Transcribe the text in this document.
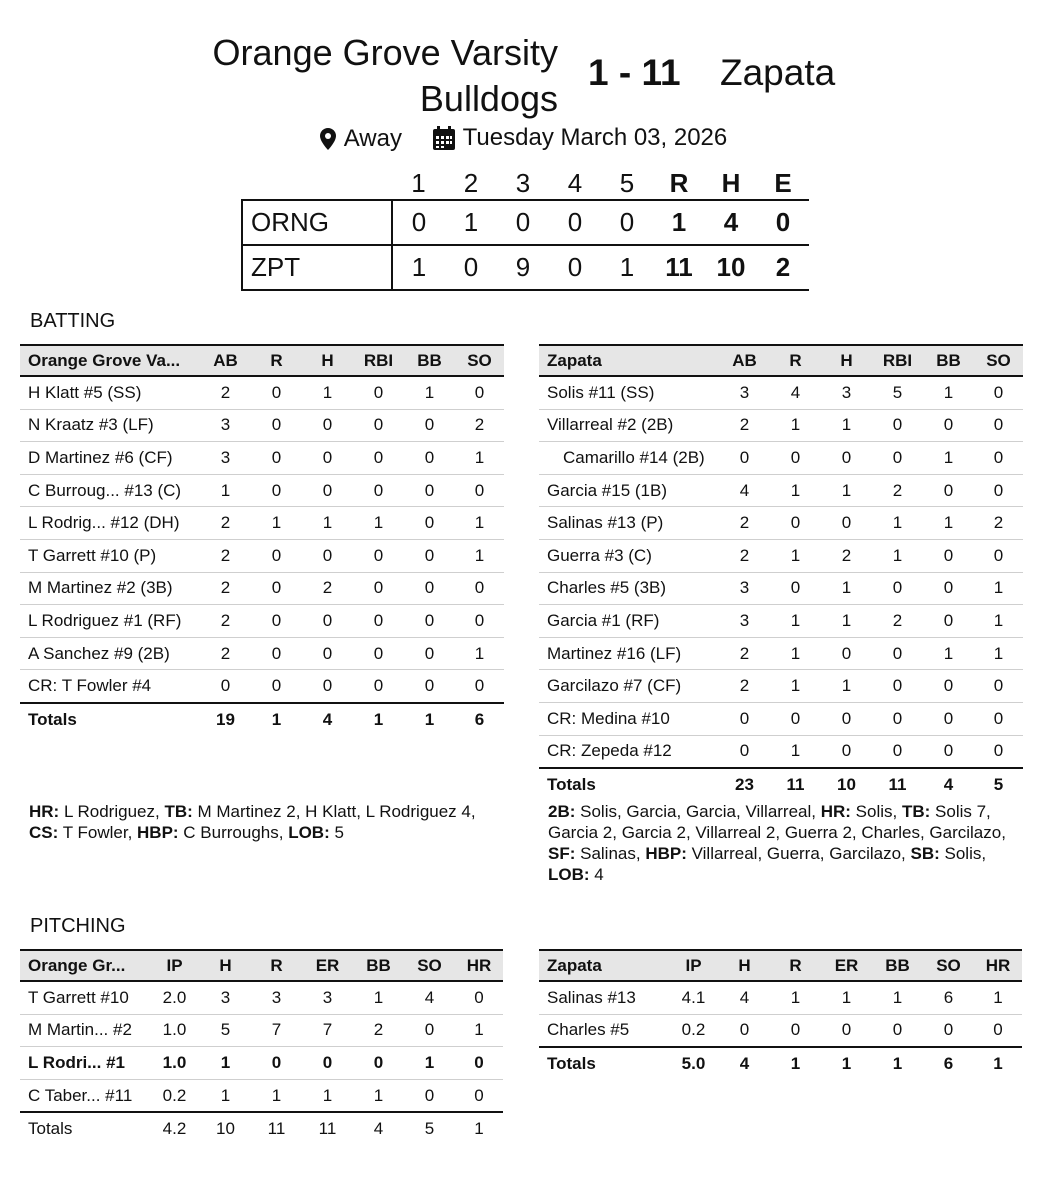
Orange Grove Varsity
Bulldogs
1 - 11 Zapata
Away
	Tuesday March 03, 2026
	1	2	3	4	5	R	H	E
ORNG	0	1	0	0	0	1	4	0
ZPT	1	0	9	0	1	11	10	2
BATTING
Orange Grove Va...	AB	R	H	RBI	BB	SO
H Klatt #5 (SS)	2	0	1	0	1	0
N Kraatz #3 (LF)	3	0	0	0	0	2
D Martinez #6 (CF)	3	0	0	0	0	1
C Burroug... #13 (C)	1	0	0	0	0	0
L Rodrig... #12 (DH)	2	1	1	1	0	1
T Garrett #10 (P)	2	0	0	0	0	1
M Martinez #2 (3B)	2	0	2	0	0	0
L Rodriguez #1 (RF)	2	0	0	0	0	0
A Sanchez #9 (2B)	2	0	0	0	0	1
CR: T Fowler #4	0	0	0	0	0	0
Totals	19	1	4	1	1	6
Zapata	AB	R	H	RBI	BB	SO
Solis #11 (SS)	3	4	3	5	1	0
Villarreal #2 (2B)	2	1	1	0	0	0
Camarillo #14 (2B)	0	0	0	0	1	0
Garcia #15 (1B)	4	1	1	2	0	0
Salinas #13 (P)	2	0	0	1	1	2
Guerra #3 (C)	2	1	2	1	0	0
Charles #5 (3B)	3	0	1	0	0	1
Garcia #1 (RF)	3	1	1	2	0	1
Martinez #16 (LF)	2	1	0	0	1	1
Garcilazo #7 (CF)	2	1	1	0	0	0
CR: Medina #10	0	0	0	0	0	0
CR: Zepeda #12	0	1	0	0	0	0
Totals	23	11	10	11	4	5
HR: L Rodriguez, TB: M Martinez 2, H Klatt, L Rodriguez 4, CS: T Fowler, HBP: C Burroughs, LOB: 5
2B: Solis, Garcia, Garcia, Villarreal, HR: Solis, TB: Solis 7, Garcia 2, Garcia 2, Villarreal 2, Guerra 2, Charles, Garcilazo, SF: Salinas, HBP: Villarreal, Guerra, Garcilazo, SB: Solis, LOB: 4
PITCHING
Orange Gr...	IP	H	R	ER	BB	SO	HR
T Garrett #10	2.0	3	3	3	1	4	0
M Martin... #2	1.0	5	7	7	2	0	1
L Rodri... #1	1.0	1	0	0	0	1	0
C Taber... #11	0.2	1	1	1	1	0	0
Totals	4.2	10	11	11	4	5	1
Zapata	IP	H	R	ER	BB	SO	HR
Salinas #13	4.1	4	1	1	1	6	1
Charles #5	0.2	0	0	0	0	0	0
Totals	5.0	4	1	1	1	6	1
